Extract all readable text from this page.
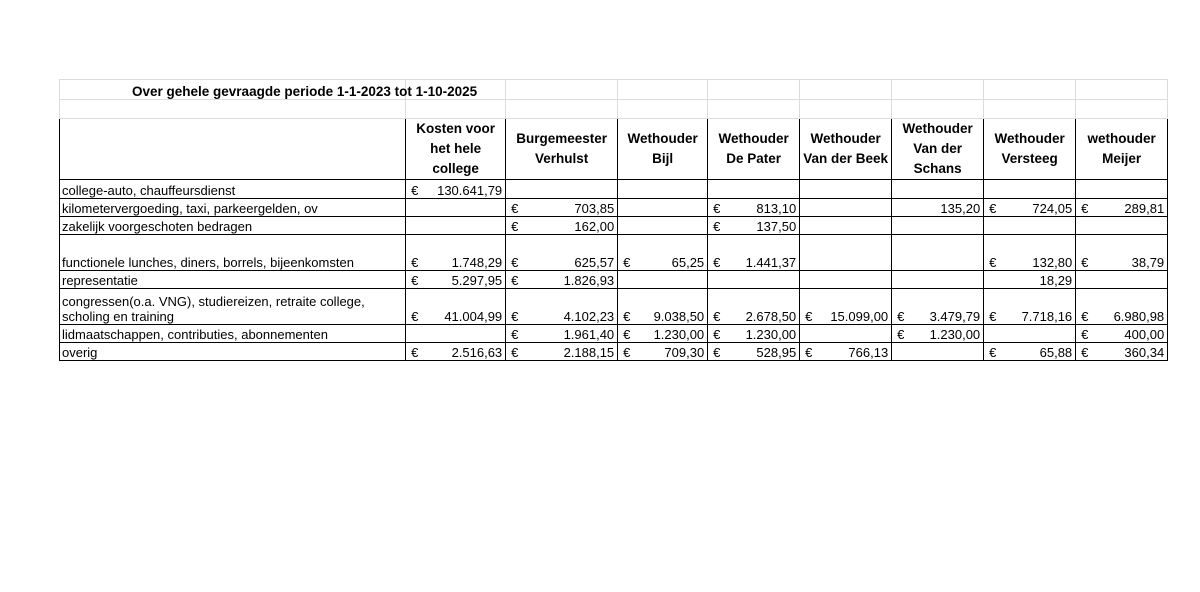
Over gehele gevraagde periode 1-1-2023 tot 1-10-2025								

	Kosten voor het hele college	Burgemeester Verhulst	Wethouder Bijl	Wethouder De Pater	Wethouder Van der Beek	Wethouder Van der Schans	Wethouder Versteeg	wethouder Meijer

college-auto, chauffeursdienst	€ 130.641,79							

kilometervergoeding, taxi, parkeergelden, ov		€ 703,85		€ 813,10		135,20	€ 724,05	€ 289,81

zakelijk voorgeschoten bedragen		€ 162,00		€ 137,50				

functionele lunches, diners, borrels, bijeenkomsten	€ 1.748,29	€ 625,57	€ 65,25	€ 1.441,37			€ 132,80	€ 38,79

representatie	€ 5.297,95	€ 1.826,93					18,29	

congressen(o.a. VNG), studiereizen, retraite college, scholing en training	€ 41.004,99	€ 4.102,23	€ 9.038,50	€ 2.678,50	€ 15.099,00	€ 3.479,79	€ 7.718,16	€ 6.980,98

lidmaatschappen, contributies, abonnementen		€ 1.961,40	€ 1.230,00	€ 1.230,00		€ 1.230,00		€ 400,00

overig	€ 2.516,63	€ 2.188,15	€ 709,30	€ 528,95	€ 766,13		€ 65,88	€ 360,34
